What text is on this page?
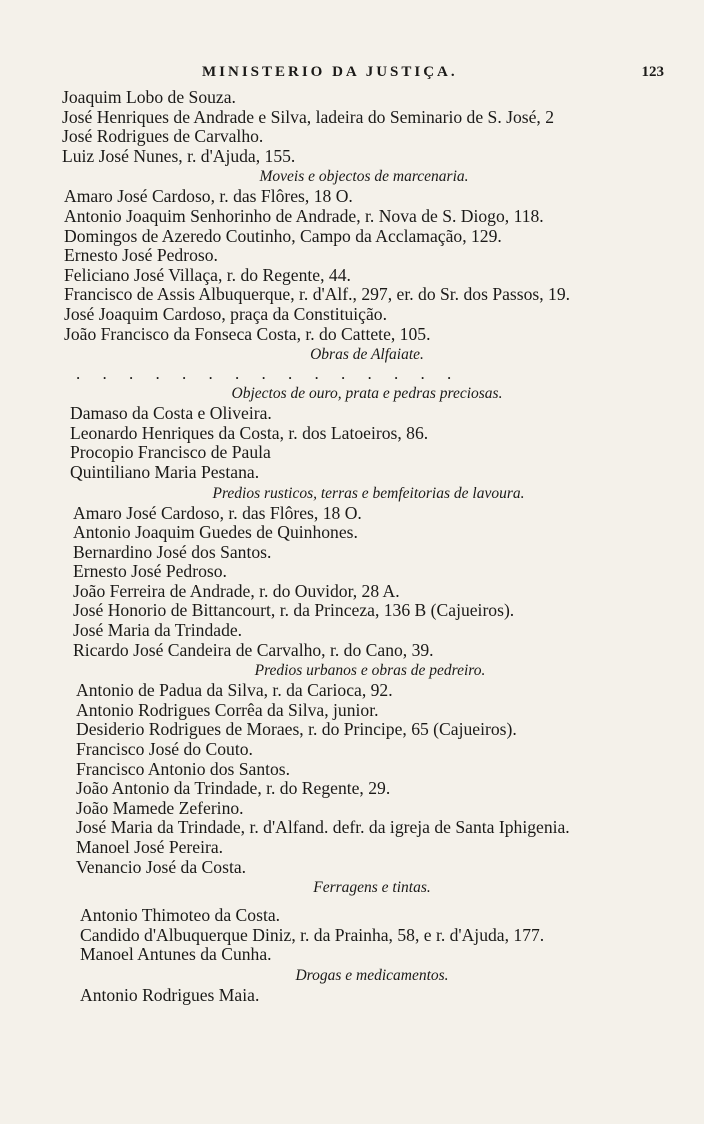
MINISTERIO DA JUSTIÇA.	123
Joaquim Lobo de Souza.
José Henriques de Andrade e Silva, ladeira do Seminario de S. José, 2
José Rodrigues de Carvalho.
Luiz José Nunes, r. d'Ajuda, 155.
Moveis e objectos de marcenaria.
Amaro José Cardoso, r. das Flôres, 18 O.
Antonio Joaquim Senhorinho de Andrade, r. Nova de S. Diogo, 118.
Domingos de Azeredo Coutinho, Campo da Acclamação, 129.
Ernesto José Pedroso.
Feliciano José Villaça, r. do Regente, 44.
Francisco de Assis Albuquerque, r. d'Alf., 297, er. do Sr. dos Passos, 19.
José Joaquim Cardoso, praça da Constituição.
João Francisco da Fonseca Costa, r. do Cattete, 105.
Obras de Alfaiate.
. . . . . . . . . . . . . . .
Objectos de ouro, prata e pedras preciosas.
Damaso da Costa e Oliveira.
Leonardo Henriques da Costa, r. dos Latoeiros, 86.
Procopio Francisco de Paula
Quintiliano Maria Pestana.
Predios rusticos, terras e bemfeitorias de lavoura.
Amaro José Cardoso, r. das Flôres, 18 O.
Antonio Joaquim Guedes de Quinhones.
Bernardino José dos Santos.
Ernesto José Pedroso.
João Ferreira de Andrade, r. do Ouvidor, 28 A.
José Honorio de Bittancourt, r. da Princeza, 136 B (Cajueiros).
José Maria da Trindade.
Ricardo José Candeira de Carvalho, r. do Cano, 39.
Predios urbanos e obras de pedreiro.
Antonio de Padua da Silva, r. da Carioca, 92.
Antonio Rodrigues Corrêa da Silva, junior.
Desiderio Rodrigues de Moraes, r. do Principe, 65 (Cajueiros).
Francisco José do Couto.
Francisco Antonio dos Santos.
João Antonio da Trindade, r. do Regente, 29.
João Mamede Zeferino.
José Maria da Trindade, r. d'Alfand. defr. da igreja de Santa Iphigenia.
Manoel José Pereira.
Venancio José da Costa.
Ferragens e tintas.
Antonio Thimoteo da Costa.
Candido d'Albuquerque Diniz, r. da Prainha, 58, e r. d'Ajuda, 177.
Manoel Antunes da Cunha.
Drogas e medicamentos.
Antonio Rodrigues Maia.
